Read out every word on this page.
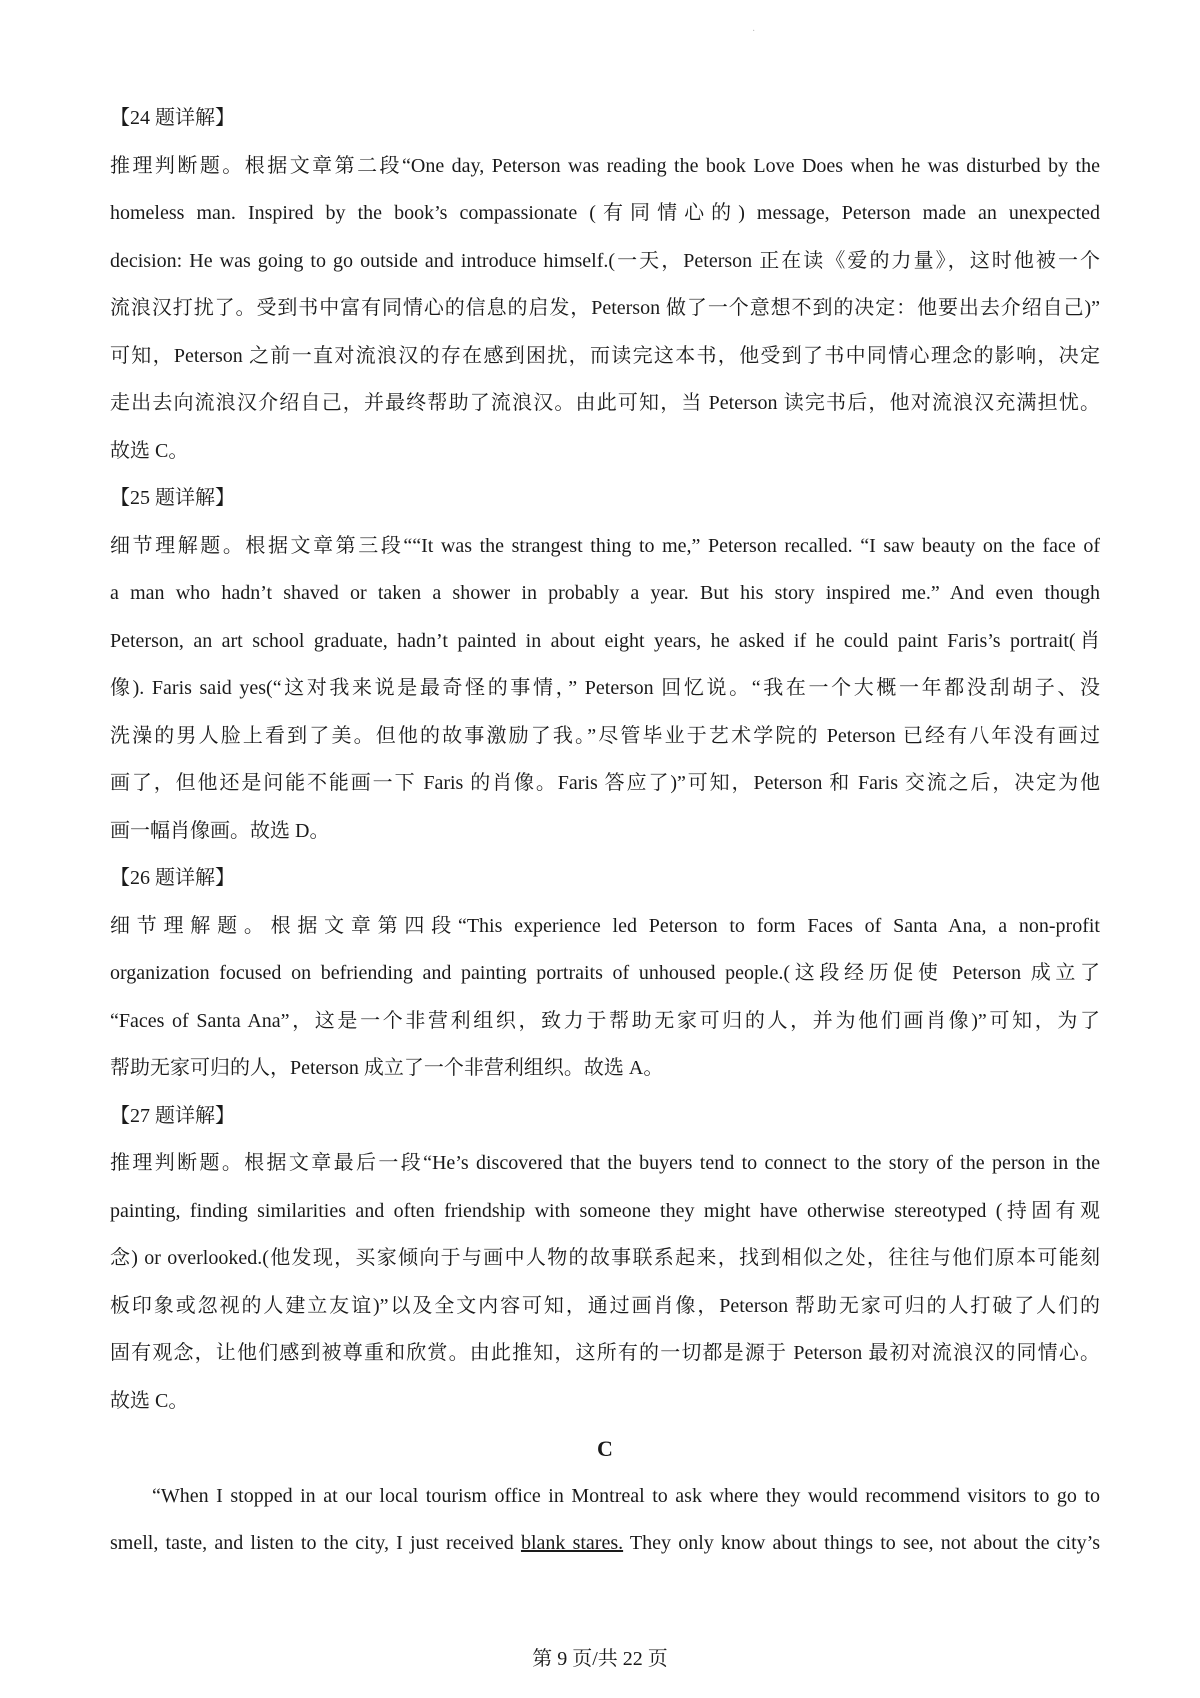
·
【24 题详解】
推理判断题。根据文章第二段“One day, Peterson was reading the book Love Does when he was disturbed by the
homeless man. Inspired by the book’s compassionate (有同情心的) message, Peterson made an unexpected
decision: He was going to go outside and introduce himself.(一天，Peterson 正在读《爱的力量》，这时他被一个
流浪汉打扰了。受到书中富有同情心的信息的启发，Peterson 做了一个意想不到的决定：他要出去介绍自己)”
可知，Peterson 之前一直对流浪汉的存在感到困扰，而读完这本书，他受到了书中同情心理念的影响，决定
走出去向流浪汉介绍自己，并最终帮助了流浪汉。由此可知，当 Peterson 读完书后，他对流浪汉充满担忧。
故选 C。
【25 题详解】
细节理解题。根据文章第三段““It was the strangest thing to me,” Peterson recalled. “I saw beauty on the face of
a man who hadn’t shaved or taken a shower in probably a year. But his story inspired me.” And even though
Peterson, an art school graduate, hadn’t painted in about eight years, he asked if he could paint Faris’s portrait(肖
像). Faris said yes(“这对我来说是最奇怪的事情，” Peterson 回忆说。“我在一个大概一年都没刮胡子、没
洗澡的男人脸上看到了美。但他的故事激励了我。”尽管毕业于艺术学院的 Peterson 已经有八年没有画过
画了，但他还是问能不能画一下 Faris 的肖像。Faris 答应了)”可知，Peterson 和 Faris 交流之后，决定为他
画一幅肖像画。故选 D。
【26 题详解】
细节理解题。根据文章第四段“This experience led Peterson to form Faces of Santa Ana, a non-profit
organization focused on befriending and painting portraits of unhoused people.(这段经历促使 Peterson 成立了
“Faces of Santa Ana”，这是一个非营利组织，致力于帮助无家可归的人，并为他们画肖像)”可知，为了
帮助无家可归的人，Peterson 成立了一个非营利组织。故选 A。
【27 题详解】
推理判断题。根据文章最后一段“He’s discovered that the buyers tend to connect to the story of the person in the
painting, finding similarities and often friendship with someone they might have otherwise stereotyped (持固有观
念) or overlooked.(他发现，买家倾向于与画中人物的故事联系起来，找到相似之处，往往与他们原本可能刻
板印象或忽视的人建立友谊)”以及全文内容可知，通过画肖像，Peterson 帮助无家可归的人打破了人们的
固有观念，让他们感到被尊重和欣赏。由此推知，这所有的一切都是源于 Peterson 最初对流浪汉的同情心。
故选 C。
C
“When I stopped in at our local tourism office in Montreal to ask where they would recommend visitors to go to
smell, taste, and listen to the city, I just received blank stares. They only know about things to see, not about the city’s
第 9 页/共 22 页
